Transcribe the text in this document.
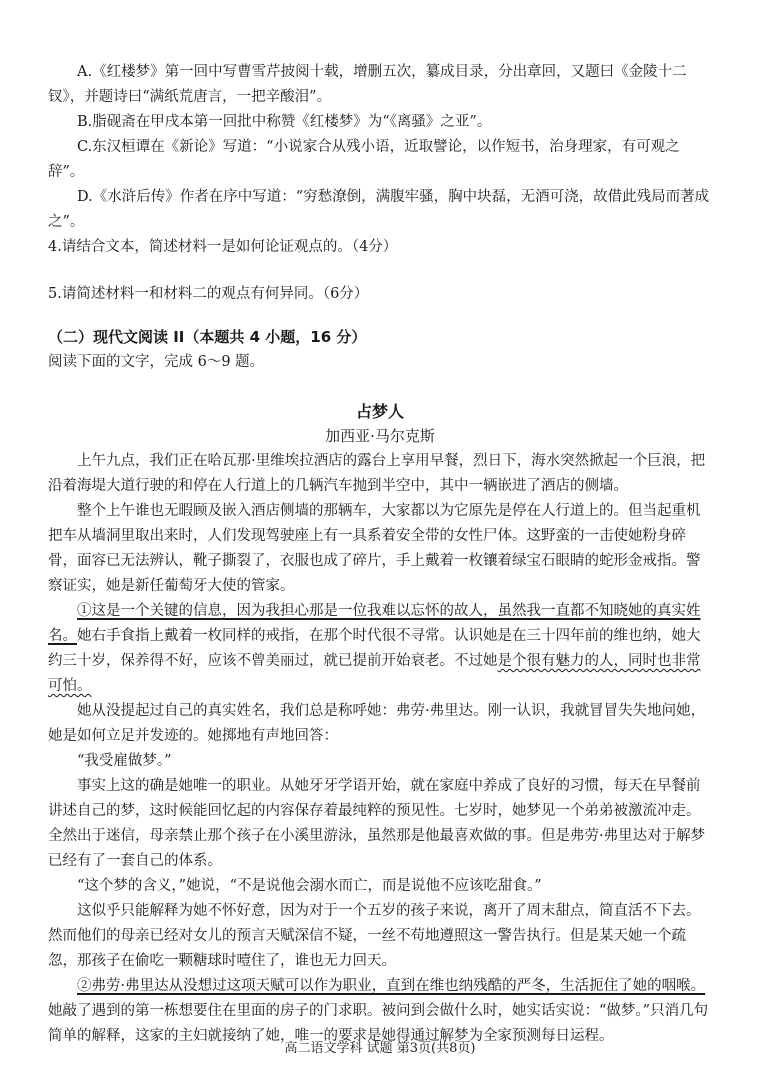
A.《红楼梦》第一回中写曹雪芹披阅十载，增删五次，纂成目录，分出章回，又题曰《金陵十二钗》，并题诗曰“满纸荒唐言，一把辛酸泪”。

B.脂砚斋在甲戌本第一回批中称赞《红楼梦》为“《离骚》之亚”。

C.东汉桓谭在《新论》写道：“小说家合从残小语，近取譬论，以作短书，治身理家，有可观之辞”。

D.《水浒后传》作者在序中写道：“穷愁潦倒，满腹牢骚，胸中块磊，无酒可浇，故借此残局而著成之”。

4.请结合文本，简述材料一是如何论证观点的。（4分）

5.请简述材料一和材料二的观点有何异同。（6分）

（二）现代文阅读 II（本题共 4 小题，16 分）

阅读下面的文字，完成 6～9 题。

占梦人

加西亚·马尔克斯

上午九点，我们正在哈瓦那·里维埃拉酒店的露台上享用早餐，烈日下，海水突然掀起一个巨浪，把沿着海堤大道行驶的和停在人行道上的几辆汽车抛到半空中，其中一辆嵌进了酒店的侧墙。

整个上午谁也无暇顾及嵌入酒店侧墙的那辆车，大家都以为它原先是停在人行道上的。但当起重机把车从墙洞里取出来时，人们发现驾驶座上有一具系着安全带的女性尸体。这野蛮的一击使她粉身碎骨，面容已无法辨认，靴子撕裂了，衣服也成了碎片，手上戴着一枚镶着绿宝石眼睛的蛇形金戒指。警察证实，她是新任葡萄牙大使的管家。

①这是一个关键的信息，因为我担心那是一位我难以忘怀的故人，虽然我一直都不知晓她的真实姓名。她右手食指上戴着一枚同样的戒指，在那个时代很不寻常。认识她是在三十四年前的维也纳，她大约三十岁，保养得不好，应该不曾美丽过，就已提前开始衰老。不过她是个很有魅力的人，同时也非常可怕。

她从没提起过自己的真实姓名，我们总是称呼她：弗劳·弗里达。刚一认识，我就冒冒失失地问她，她是如何立足并发迹的。她掷地有声地回答：

“我受雇做梦。”

事实上这的确是她唯一的职业。从她牙牙学语开始，就在家庭中养成了良好的习惯，每天在早餐前讲述自己的梦，这时候能回忆起的内容保存着最纯粹的预见性。七岁时，她梦见一个弟弟被激流冲走。全然出于迷信，母亲禁止那个孩子在小溪里游泳，虽然那是他最喜欢做的事。但是弗劳·弗里达对于解梦已经有了一套自己的体系。

“这个梦的含义，”她说，“不是说他会溺水而亡，而是说他不应该吃甜食。”

这似乎只能解释为她不怀好意，因为对于一个五岁的孩子来说，离开了周末甜点，简直活不下去。然而他们的母亲已经对女儿的预言天赋深信不疑，一丝不苟地遵照这一警告执行。但是某天她一个疏忽，那孩子在偷吃一颗糖球时噎住了，谁也无力回天。

②弗劳·弗里达从没想过这项天赋可以作为职业，直到在维也纳残酷的严冬，生活扼住了她的咽喉。她敲了遇到的第一栋想要住在里面的房子的门求职。被问到会做什么时，她实话实说：“做梦。”只消几句简单的解释，这家的主妇就接纳了她，唯一的要求是她得通过解梦为全家预测每日运程。

高二语文学科 试题 第3页(共8页)
